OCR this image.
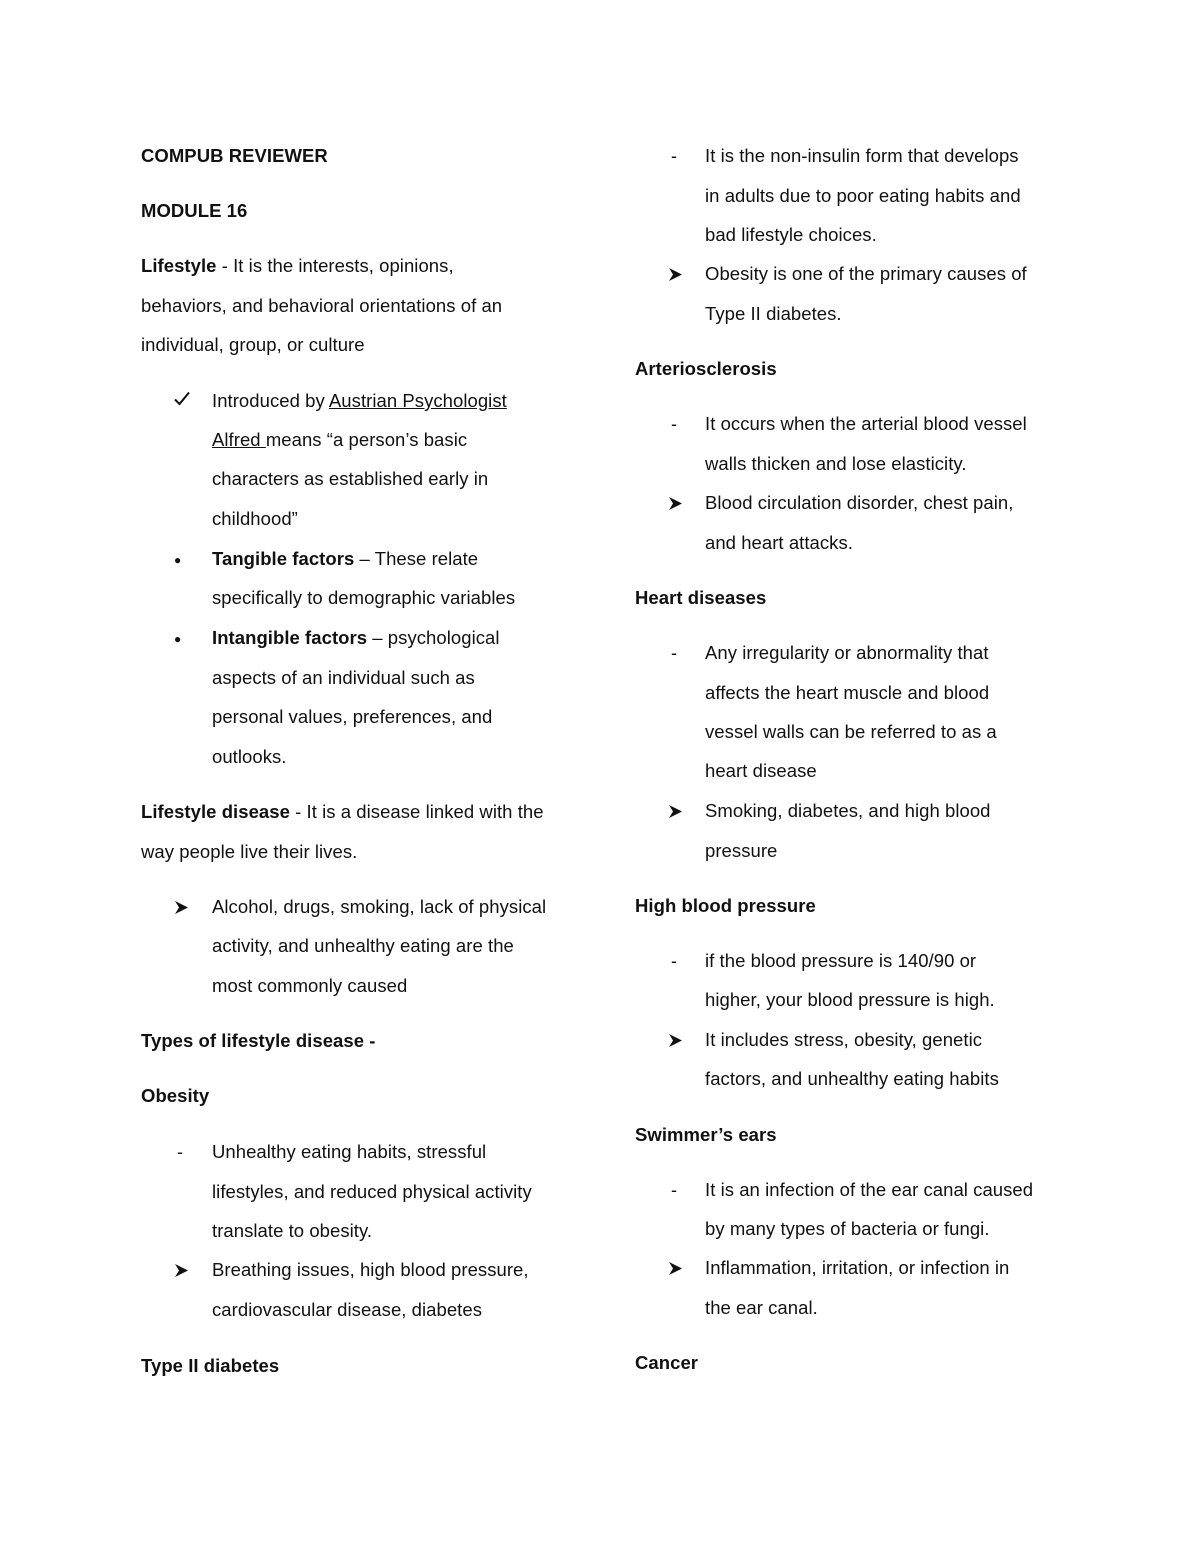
COMPUB REVIEWER
MODULE 16
Lifestyle - It is the interests, opinions,
behaviors, and behavioral orientations of an
individual, group, or culture
Introduced by Austrian Psychologist
Alfred means “a person’s basic
characters as established early in
childhood”
● Tangible factors – These relate
specifically to demographic variables
● Intangible factors – psychological
aspects of an individual such as
personal values, preferences, and
outlooks.
Lifestyle disease - It is a disease linked with the
way people live their lives.
Alcohol, drugs, smoking, lack of physical
activity, and unhealthy eating are the
most commonly caused
Types of lifestyle disease -
Obesity
- Unhealthy eating habits, stressful
lifestyles, and reduced physical activity
translate to obesity.
Breathing issues, high blood pressure,
cardiovascular disease, diabetes
Type II diabetes
- It is the non-insulin form that develops
in adults due to poor eating habits and
bad lifestyle choices.
Obesity is one of the primary causes of
Type II diabetes.
Arteriosclerosis
- It occurs when the arterial blood vessel
walls thicken and lose elasticity.
Blood circulation disorder, chest pain,
and heart attacks.
Heart diseases
- Any irregularity or abnormality that
affects the heart muscle and blood
vessel walls can be referred to as a
heart disease
Smoking, diabetes, and high blood
pressure
High blood pressure
- if the blood pressure is 140/90 or
higher, your blood pressure is high.
It includes stress, obesity, genetic
factors, and unhealthy eating habits
Swimmer’s ears
- It is an infection of the ear canal caused
by many types of bacteria or fungi.
Inflammation, irritation, or infection in
the ear canal.
Cancer
